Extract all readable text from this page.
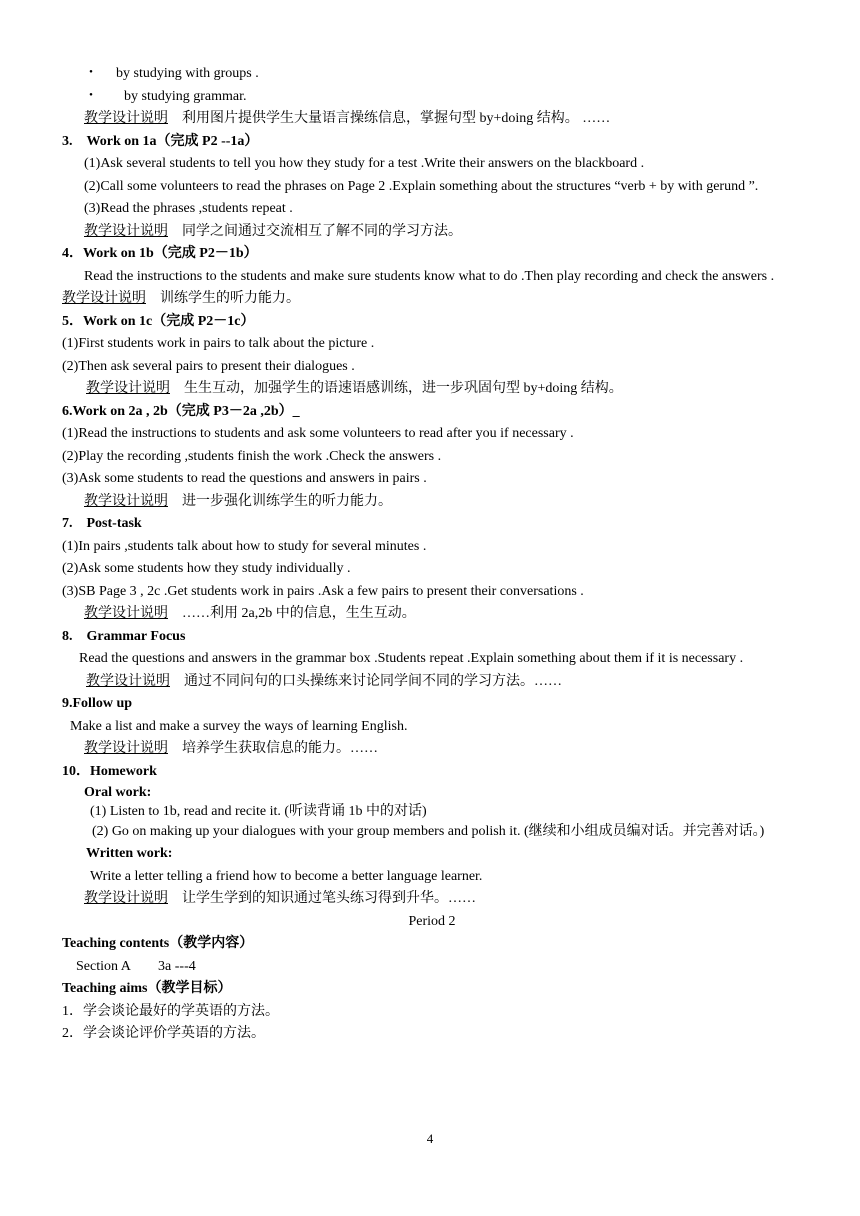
・ by studying with groups .
・ by studying grammar.
教学设计说明 利用图片提供学生大量语言操练信息，掌握句型 by+doing 结构。 ……
3.　Work on 1a（完成 P2 --1a）
(1)Ask several students to tell you how they study for a test .Write their answers on the blackboard .
(2)Call some volunteers to read the phrases on Page 2 .Explain something about the structures “verb + by with gerund ”.
(3)Read the phrases ,students repeat .
教学设计说明 同学之间通过交流相互了解不同的学习方法。
4．Work on 1b（完成 P2－1b）
Read the instructions to the students and make sure students know what to do .Then play recording and check the answers .
教学设计说明 训练学生的听力能力。
5．Work on 1c（完成 P2－1c）
(1)First students work in pairs to talk about the picture .
(2)Then ask several pairs to present their dialogues .
教学设计说明 生生互动，加强学生的语速语感训练，进一步巩固句型 by+doing 结构。
6.Work on 2a , 2b（完成 P3－2a ,2b）_
(1)Read the instructions to students and ask some volunteers to read after you if necessary .
(2)Play the recording ,students finish the work .Check the answers .
(3)Ask some students to read the questions and answers in pairs .
教学设计说明 进一步强化训练学生的听力能力。
7.　Post-task
(1)In pairs ,students talk about how to study for several minutes .
(2)Ask some students how they study individually .
(3)SB Page 3 , 2c .Get students work in pairs .Ask a few pairs to present their conversations .
教学设计说明 ……利用 2a,2b 中的信息，生生互动。
8.　Grammar Focus
Read the questions and answers in the grammar box .Students repeat .Explain something about them if it is necessary .
教学设计说明 通过不同问句的口头操练来讨论同学间不同的学习方法。……
9.Follow up
Make a list and make a survey the ways of learning English.
教学设计说明 培养学生获取信息的能力。……
10．Homework
Oral work:
(1) Listen to 1b, read and recite it. (听读背诵 1b 中的对话)
(2) Go on making up your dialogues with your group members and polish it. (继续和小组成员编对话。并完善对话。)
Written work:
Write a letter telling a friend how to become a better language learner.
教学设计说明 让学生学到的知识通过笔头练习得到升华。……
Period 2
Teaching contents（教学内容）
Section A　　3a ---4
Teaching aims（教学目标）
1．学会谈论最好的学英语的方法。
2．学会谈论评价学英语的方法。
4
